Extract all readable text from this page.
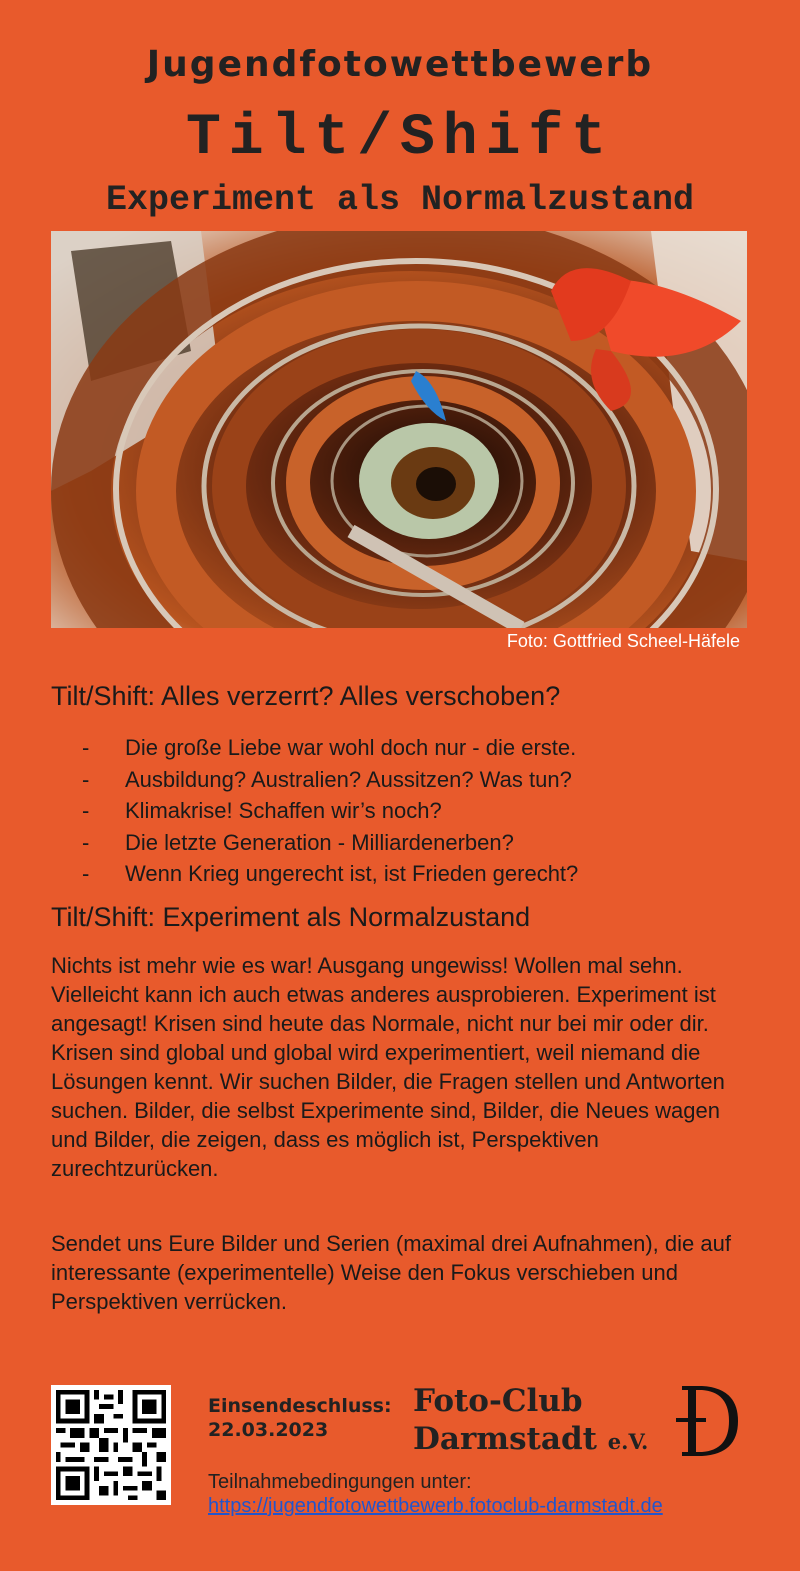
Jugendfotowettbewerb
Tilt/Shift
Experiment als Normalzustand
Foto: Gottfried Scheel-Häfele
Tilt/Shift: Alles verzerrt? Alles verschoben?
-	Die große Liebe war wohl doch nur - die erste.
-	Ausbildung? Australien? Aussitzen? Was tun?
-	Klimakrise! Schaffen wir’s noch?
-	Die letzte Generation - Milliardenerben?
-	Wenn Krieg ungerecht ist, ist Frieden gerecht?
Tilt/Shift: Experiment als Normalzustand

Nichts ist mehr wie es war! Ausgang ungewiss! Wollen mal sehn. Vielleicht kann ich auch etwas anderes ausprobieren. Experiment ist angesagt! Krisen sind heute das Normale, nicht nur bei mir oder dir. Krisen sind global und global wird experimentiert, weil niemand die Lösungen kennt. Wir suchen Bilder, die Fragen stellen und Antworten suchen. Bilder, die selbst Experimente sind, Bilder, die Neues wagen und Bilder, die zeigen, dass es möglich ist, Perspektiven zurechtzurücken.

Sendet uns Eure Bilder und Serien (maximal drei Aufnahmen), die auf interessante (experimentelle) Weise den Fokus verschieben und Perspektiven verrücken.

Einsendeschluss:
22.03.2023
Foto-Club
Darmstadt e.V.
Teilnahmebedingungen unter:
https://jugendfotowettbewerb.fotoclub-darmstadt.de
